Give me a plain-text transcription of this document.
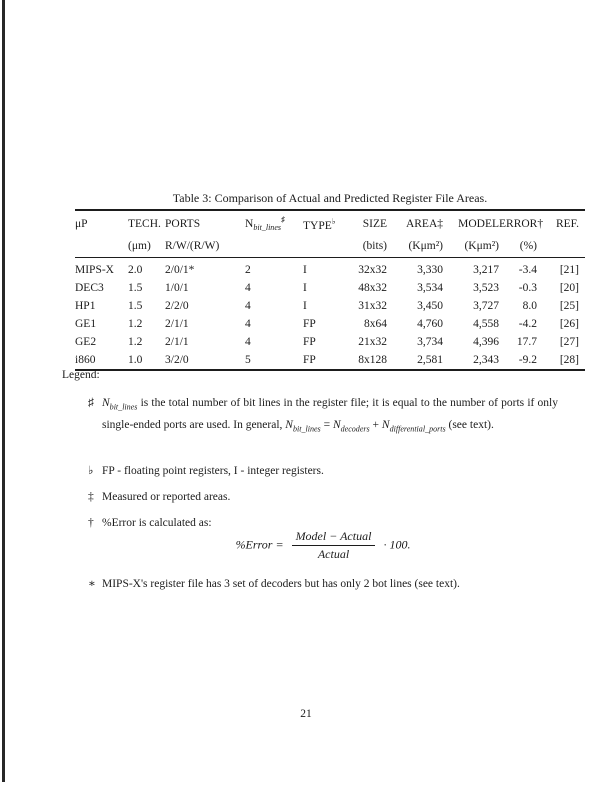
Table 3: Comparison of Actual and Predicted Register File Areas.
μP	TECH.	PORTS	$N_{bit\_lines}^♯$	TYPE♭	SIZE	AREA‡	MODEL	ERROR†	REF.
	(μm)	R/W/(R/W)			(bits)	(Kμm²)	(Kμm²)	(%)	
MIPS-X	2.0	2/0/1*	2	I	32x32	3,330	3,217	-3.4	[21]
DEC3	1.5	1/0/1	4	I	48x32	3,534	3,523	-0.3	[20]
HP1	1.5	2/2/0	4	I	31x32	3,450	3,727	8.0	[25]
GE1	1.2	2/1/1	4	FP	8x64	4,760	4,558	-4.2	[26]
GE2	1.2	2/1/1	4	FP	21x32	3,734	4,396	17.7	[27]
i860	1.0	3/2/0	5	FP	8x128	2,581	2,343	-9.2	[28]
Legend:
♯ $N_{bit\_lines}$ is the total number of bit lines in the register file; it is equal to the number of ports if only single-ended ports are used. In general, $N_{bit\_lines} = N_{decoders} + N_{differential\_ports}$ (see text).
♭ FP - floating point registers, I - integer registers.
‡ Measured or reported areas.
† %Error is calculated as:
%Error = $\frac{\text{Model − Actual}}{\text{Actual}} \cdot 100$.
∗ MIPS-X's register file has 3 set of decoders but has only 2 bot lines (see text).
21
